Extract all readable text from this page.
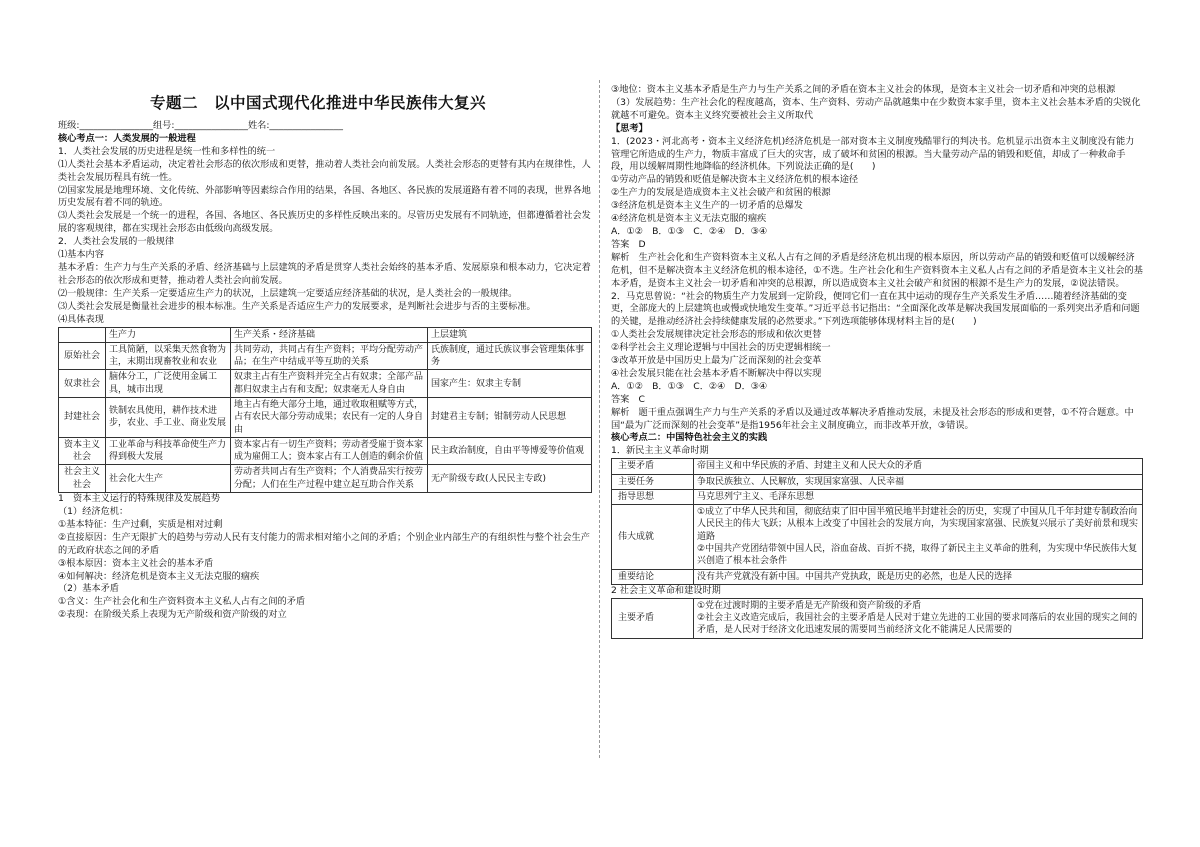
专题二　以中国式现代化推进中华民族伟大复兴

班级:________________组号:________________姓名:________________

核心考点一：人类发展的一般进程

1．人类社会发展的历史进程是统一性和多样性的统一

⑴人类社会基本矛盾运动，决定着社会形态的依次形成和更替，推动着人类社会向前发展。人类社会形态的更替有其内在规律性，人类社会发展历程具有统一性。

⑵国家发展是地理环境、文化传统、外部影响等因素综合作用的结果，各国、各地区、各民族的发展道路有着不同的表现，世界各地历史发展有着不同的轨迹。

⑶人类社会发展是一个统一的进程，各国、各地区、各民族历史的多样性反映出来的。尽管历史发展有不同轨迹，但都遵循着社会发展的客观规律，都在实现社会形态由低级向高级发展。

2．人类社会发展的一般规律

⑴基本内容

基本矛盾：生产力与生产关系的矛盾、经济基础与上层建筑的矛盾是贯穿人类社会始终的基本矛盾、发展原泉和根本动力，它决定着社会形态的依次形成和更替，推动着人类社会向前发展。

⑵一般规律：生产关系一定要适应生产力的状况，上层建筑一定要适应经济基础的状况，是人类社会的一般规律。

⑶人类社会发展是衡量社会进步的根本标准。生产关系是否适应生产力的发展要求，是判断社会进步与否的主要标准。

⑷具体表现

	生产力	生产关系・经济基础	上层建筑
原始社会	工具简陋，以采集天然食物为主，末期出现畜牧业和农业	共同劳动，共同占有生产资料；平均分配劳动产品；在生产中结成平等互助的关系	氏族制度，通过氏族议事会管理集体事务
奴隶社会	脑体分工，广泛使用金属工具，城市出现	奴隶主占有生产资料并完全占有奴隶；全部产品都归奴隶主占有和支配；奴隶毫无人身自由	国家产生：奴隶主专制
封建社会	铁制农具使用，耕作技术进步，农业、手工业、商业发展	地主占有绝大部分土地，通过收取租赋等方式，占有农民大部分劳动成果；农民有一定的人身自由	封建君主专制；钳制劳动人民思想
资本主义社会	工业革命与科技革命使生产力得到极大发展	资本家占有一切生产资料；劳动者受雇于资本家成为雇佣工人；资本家占有工人创造的剩余价值	民主政治制度，自由平等博爱等价值观
社会主义社会	社会化大生产	劳动者共同占有生产资料；个人消费品实行按劳分配；人们在生产过程中建立起互助合作关系	无产阶级专政(人民民主专政)

1　资本主义运行的特殊规律及发展趋势

（1）经济危机：

①基本特征：生产过剩，实质是相对过剩

②直接原因：生产无限扩大的趋势与劳动人民有支付能力的需求相对缩小之间的矛盾；个别企业内部生产的有组织性与整个社会生产的无政府状态之间的矛盾

③根本原因：资本主义社会的基本矛盾

④如何解决：经济危机是资本主义无法克服的痼疾

（2）基本矛盾

①含义：生产社会化和生产资料资本主义私人占有之间的矛盾

②表现：在阶级关系上表现为无产阶级和资产阶级的对立

③地位：资本主义基本矛盾是生产力与生产关系之间的矛盾在资本主义社会的体现，是资本主义社会一切矛盾和冲突的总根源

（3）发展趋势：生产社会化的程度越高，资本、生产资料、劳动产品就越集中在少数资本家手里，资本主义社会基本矛盾的尖锐化就越不可避免。资本主义终究要被社会主义所取代

【思考】

1．(2023・河北高考・资本主义经济危机)经济危机是一部对资本主义制度残酷罪行的判决书。危机显示出资本主义制度没有能力管理它所造成的生产力，物质丰富成了巨大的灾害，成了破坏和贫困的根源。当大量劳动产品的销毁和贬值，却成了一种救命手段，用以缓解周期性地降临的经济机体。下列说法正确的是(　　)

①劳动产品的销毁和贬值是解决资本主义经济危机的根本途径

②生产力的发展是造成资本主义社会破产和贫困的根源

③经济危机是资本主义生产的一切矛盾的总爆发

④经济危机是资本主义无法克服的痼疾

A．①②　B．①③　C．②④　D．③④

答案　D

解析　生产社会化和生产资料资本主义私人占有之间的矛盾是经济危机出现的根本原因，所以劳动产品的销毁和贬值可以缓解经济危机，但不是解决资本主义经济危机的根本途径，①不选。生产社会化和生产资料资本主义私人占有之间的矛盾是资本主义社会的基本矛盾，是资本主义社会一切矛盾和冲突的总根源，所以造成资本主义社会破产和贫困的根源不是生产力的发展，②说法错误。

2．马克思曾说：“社会的物质生产力发展到一定阶段，便同它们一直在其中运动的现存生产关系发生矛盾……随着经济基础的变更，全部庞大的上层建筑也或慢或快地发生变革。”习近平总书记指出：“全面深化改革是解决我国发展面临的一系列突出矛盾和问题的关键，是推动经济社会持续健康发展的必然要求。”下列选项能够体现材料主旨的是(　　)

①人类社会发展规律决定社会形态的形成和依次更替

②科学社会主义理论逻辑与中国社会的历史逻辑相统一

③改革开放是中国历史上最为广泛而深刻的社会变革

④社会发展只能在社会基本矛盾不断解决中得以实现

A．①②　B．①③　C．②④　D．③④

答案　C

解析　题干重点强调生产力与生产关系的矛盾以及通过改革解决矛盾推动发展，未提及社会形态的形成和更替，①不符合题意。中国“最为广泛而深刻的社会变革”是指1956年社会主义制度确立，而非改革开放，③错误。

核心考点二：中国特色社会主义的实践

1．新民主主义革命时期

主要矛盾	帝国主义和中华民族的矛盾、封建主义和人民大众的矛盾
主要任务	争取民族独立、人民解放，实现国家富强、人民幸福
指导思想	马克思列宁主义、毛泽东思想
伟大成就	①成立了中华人民共和国，彻底结束了旧中国半殖民地半封建社会的历史，实现了中国从几千年封建专制政治向人民民主的伟大飞跃；从根本上改变了中国社会的发展方向，为实现国家富强、民族复兴展示了美好前景和现实道路
②中国共产党团结带领中国人民，浴血奋战、百折不挠，取得了新民主主义革命的胜利，为实现中华民族伟大复兴创造了根本社会条件
重要结论	没有共产党就没有新中国。中国共产党执政，既是历史的必然，也是人民的选择

2 社会主义革命和建设时期

主要矛盾	①党在过渡时期的主要矛盾是无产阶级和资产阶级的矛盾
②社会主义改造完成后，我国社会的主要矛盾是人民对于建立先进的工业国的要求同落后的农业国的现实之间的矛盾，是人民对于经济文化迅速发展的需要同当前经济文化不能满足人民需要的
